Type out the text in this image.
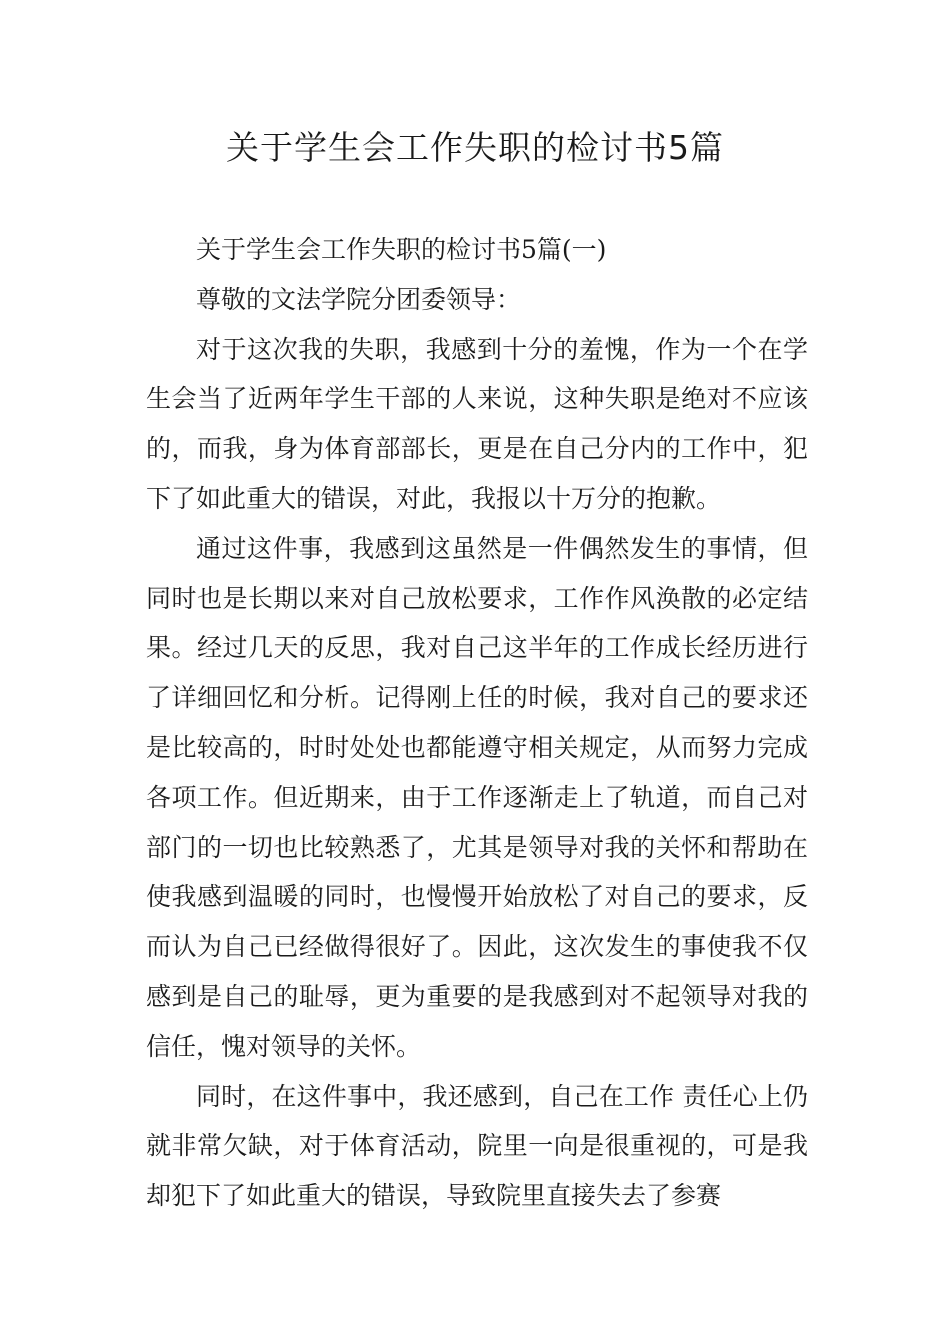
关于学生会工作失职的检讨书5篇

关于学生会工作失职的检讨书5篇(一)

尊敬的文法学院分团委领导：

对于这次我的失职，我感到十分的羞愧，作为一个在学生会当了近两年学生干部的人来说，这种失职是绝对不应该的，而我，身为体育部部长，更是在自己分内的工作中，犯下了如此重大的错误，对此，我报以十万分的抱歉。

通过这件事，我感到这虽然是一件偶然发生的事情，但同时也是长期以来对自己放松要求，工作作风涣散的必定结果。经过几天的反思，我对自己这半年的工作成长经历进行了详细回忆和分析。记得刚上任的时候，我对自己的要求还是比较高的，时时处处也都能遵守相关规定，从而努力完成各项工作。但近期来，由于工作逐渐走上了轨道，而自己对部门的一切也比较熟悉了，尤其是领导对我的关怀和帮助在使我感到温暖的同时，也慢慢开始放松了对自己的要求，反而认为自己已经做得很好了。因此，这次发生的事使我不仅感到是自己的耻辱，更为重要的是我感到对不起领导对我的信任，愧对领导的关怀。

同时，在这件事中，我还感到，自己在工作 责任心上仍就非常欠缺，对于体育活动，院里一向是很重视的，可是我却犯下了如此重大的错误，导致院里直接失去了参赛
